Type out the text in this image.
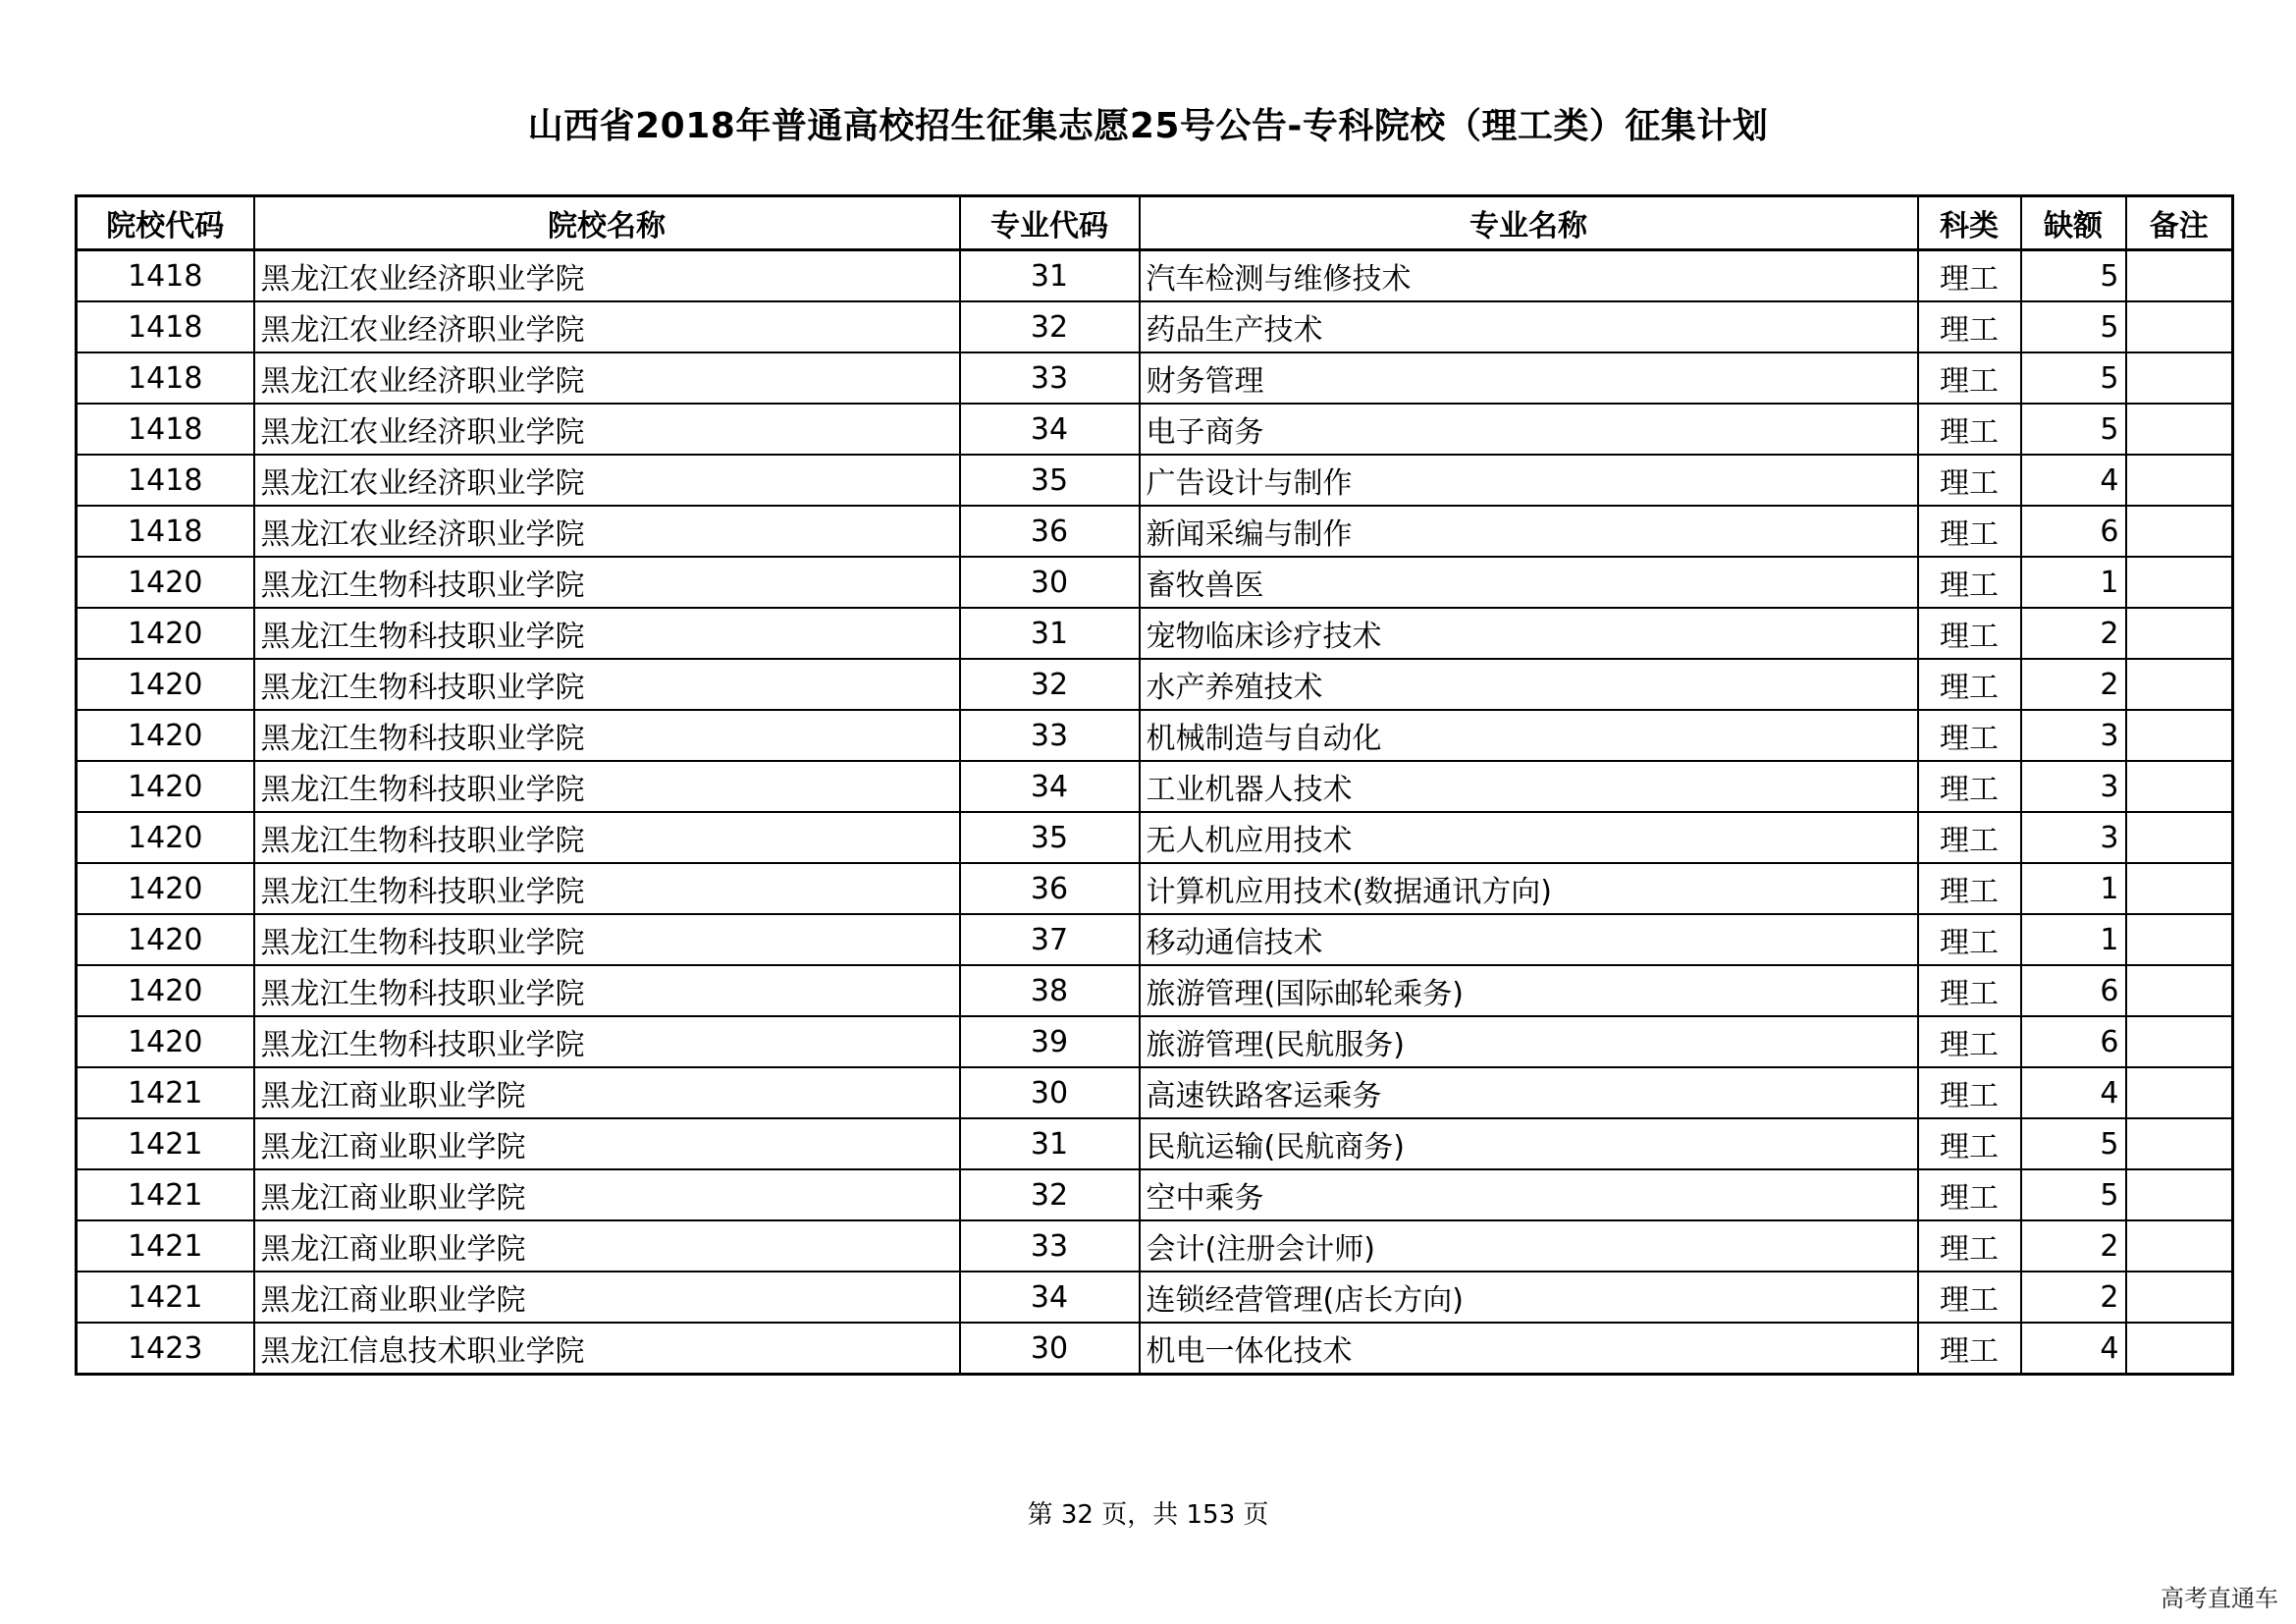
山西省2018年普通高校招生征集志愿25号公告-专科院校（理工类）征集计划
院校代码	院校名称	专业代码	专业名称	科类	缺额	备注
1418	黑龙江农业经济职业学院	31	汽车检测与维修技术	理工	5	
1418	黑龙江农业经济职业学院	32	药品生产技术	理工	5	
1418	黑龙江农业经济职业学院	33	财务管理	理工	5	
1418	黑龙江农业经济职业学院	34	电子商务	理工	5	
1418	黑龙江农业经济职业学院	35	广告设计与制作	理工	4	
1418	黑龙江农业经济职业学院	36	新闻采编与制作	理工	6	
1420	黑龙江生物科技职业学院	30	畜牧兽医	理工	1	
1420	黑龙江生物科技职业学院	31	宠物临床诊疗技术	理工	2	
1420	黑龙江生物科技职业学院	32	水产养殖技术	理工	2	
1420	黑龙江生物科技职业学院	33	机械制造与自动化	理工	3	
1420	黑龙江生物科技职业学院	34	工业机器人技术	理工	3	
1420	黑龙江生物科技职业学院	35	无人机应用技术	理工	3	
1420	黑龙江生物科技职业学院	36	计算机应用技术(数据通讯方向)	理工	1	
1420	黑龙江生物科技职业学院	37	移动通信技术	理工	1	
1420	黑龙江生物科技职业学院	38	旅游管理(国际邮轮乘务)	理工	6	
1420	黑龙江生物科技职业学院	39	旅游管理(民航服务)	理工	6	
1421	黑龙江商业职业学院	30	高速铁路客运乘务	理工	4	
1421	黑龙江商业职业学院	31	民航运输(民航商务)	理工	5	
1421	黑龙江商业职业学院	32	空中乘务	理工	5	
1421	黑龙江商业职业学院	33	会计(注册会计师)	理工	2	
1421	黑龙江商业职业学院	34	连锁经营管理(店长方向)	理工	2	
1423	黑龙江信息技术职业学院	30	机电一体化技术	理工	4	
第 32 页，共 153 页
高考直通车
